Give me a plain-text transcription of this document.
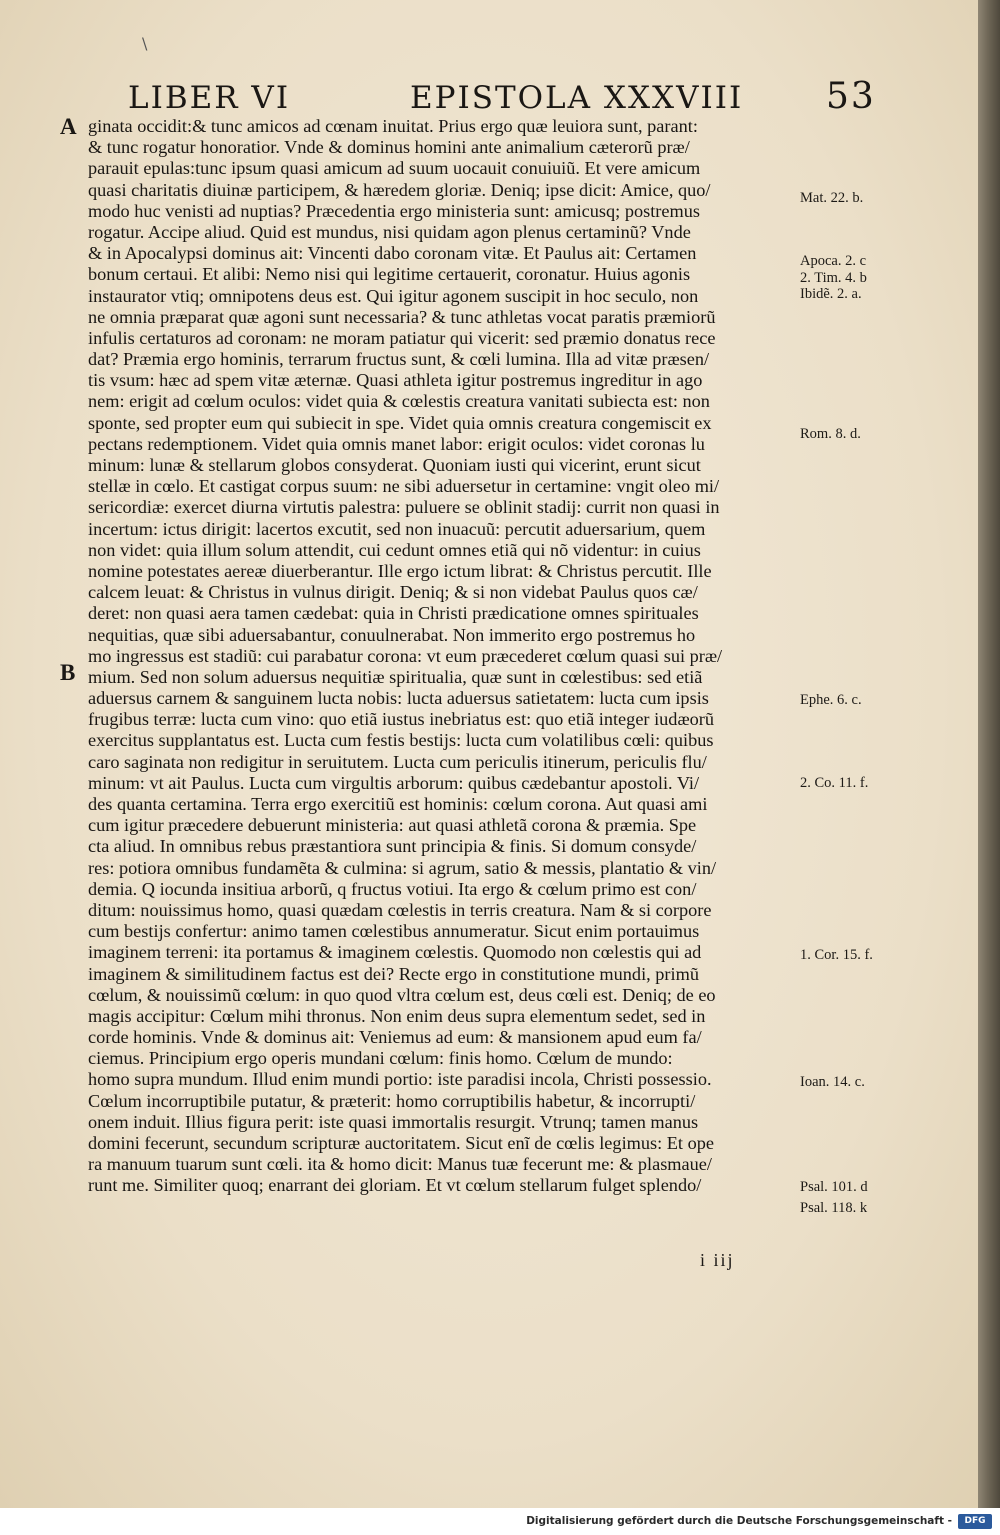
\
LIBER VI	EPISTOLA XXXVIII 53
A
B
ginata occidit:& tunc amicos ad cœnam inuitat. Prius ergo quæ leuiora sunt, parant:
& tunc rogatur honoratior. Vnde & dominus homini ante animalium cæterorũ præ/
parauit epulas:tunc ipsum quasi amicum ad suum uocauit conuiuiũ. Et vere amicum
quasi charitatis diuinæ participem, & hæredem gloriæ. Deniq; ipse dicit: Amice, quo/
modo huc venisti ad nuptias? Præcedentia ergo ministeria sunt: amicusq; postremus
rogatur. Accipe aliud. Quid est mundus, nisi quidam agon plenus certaminũ? Vnde
& in Apocalypsi dominus ait: Vincenti dabo coronam vitæ. Et Paulus ait: Certamen
bonum certaui. Et alibi: Nemo nisi qui legitime certauerit, coronatur. Huius agonis
instaurator vtiq; omnipotens deus est. Qui igitur agonem suscipit in hoc seculo, non
ne omnia præparat quæ agoni sunt necessaria? & tunc athletas vocat paratis præmiorũ
infulis certaturos ad coronam: ne moram patiatur qui vicerit: sed præmio donatus rece
dat? Præmia ergo hominis, terrarum fructus sunt, & cœli lumina. Illa ad vitæ præsen/
tis vsum: hæc ad spem vitæ æternæ. Quasi athleta igitur postremus ingreditur in ago
nem: erigit ad cœlum oculos: videt quia & cœlestis creatura vanitati subiecta est: non
sponte, sed propter eum qui subiecit in spe. Videt quia omnis creatura congemiscit ex
pectans redemptionem. Videt quia omnis manet labor: erigit oculos: videt coronas lu
minum: lunæ & stellarum globos consyderat. Quoniam iusti qui vicerint, erunt sicut
stellæ in cœlo. Et castigat corpus suum: ne sibi aduersetur in certamine: vngit oleo mi/
sericordiæ: exercet diurna virtutis palestra: puluere se oblinit stadij: currit non quasi in
incertum: ictus dirigit: lacertos excutit, sed non inuacuũ: percutit aduersarium, quem
non videt: quia illum solum attendit, cui cedunt omnes etiã qui nõ videntur: in cuius
nomine potestates aereæ diuerberantur. Ille ergo ictum librat: & Christus percutit. Ille
calcem leuat: & Christus in vulnus dirigit. Deniq; & si non videbat Paulus quos cæ/
deret: non quasi aera tamen cædebat: quia in Christi prædicatione omnes spirituales
nequitias, quæ sibi aduersabantur, conuulnerabat. Non immerito ergo postremus ho
mo ingressus est stadiũ: cui parabatur corona: vt eum præcederet cœlum quasi sui præ/
mium. Sed non solum aduersus nequitiæ spiritualia, quæ sunt in cœlestibus: sed etiã
aduersus carnem & sanguinem lucta nobis: lucta aduersus satietatem: lucta cum ipsis
frugibus terræ: lucta cum vino: quo etiã iustus inebriatus est: quo etiã integer iudæorũ
exercitus supplantatus est. Lucta cum festis bestijs: lucta cum volatilibus cœli: quibus
caro saginata non redigitur in seruitutem. Lucta cum periculis itinerum, periculis flu/
minum: vt ait Paulus. Lucta cum virgultis arborum: quibus cædebantur apostoli. Vi/
des quanta certamina. Terra ergo exercitiũ est hominis: cœlum corona. Aut quasi ami
cum igitur præcedere debuerunt ministeria: aut quasi athletã corona & præmia. Spe
cta aliud. In omnibus rebus præstantiora sunt principia & finis. Si domum consyde/
res: potiora omnibus fundamẽta & culmina: si agrum, satio & messis, plantatio & vin/
demia. Q iocunda insitiua arborũ, q fructus votiui. Ita ergo & cœlum primo est con/
ditum: nouissimus homo, quasi quædam cœlestis in terris creatura. Nam & si corpore
cum bestijs confertur: animo tamen cœlestibus annumeratur. Sicut enim portauimus
imaginem terreni: ita portamus & imaginem cœlestis. Quomodo non cœlestis qui ad
imaginem & similitudinem factus est dei? Recte ergo in constitutione mundi, primũ
cœlum, & nouissimũ cœlum: in quo quod vltra cœlum est, deus cœli est. Deniq; de eo
magis accipitur: Cœlum mihi thronus. Non enim deus supra elementum sedet, sed in
corde hominis. Vnde & dominus ait: Veniemus ad eum: & mansionem apud eum fa/
ciemus. Principium ergo operis mundani cœlum: finis homo. Cœlum de mundo:
homo supra mundum. Illud enim mundi portio: iste paradisi incola, Christi possessio.
Cœlum incorruptibile putatur, & præterit: homo corruptibilis habetur, & incorrupti/
onem induit. Illius figura perit: iste quasi immortalis resurgit. Vtrunq; tamen manus
domini fecerunt, secundum scripturæ auctoritatem. Sicut enĩ de cœlis legimus: Et ope
ra manuum tuarum sunt cœli. ita & homo dicit: Manus tuæ fecerunt me: & plasmaue/
runt me. Similiter quoq; enarrant dei gloriam. Et vt cœlum stellarum fulget splendo/
Mat. 22. b.
Apoca. 2. c
2. Tim. 4. b
Ibidẽ. 2. a.
Rom. 8. d.
Ephe. 6. c.
2. Co. 11. f.
1. Cor. 15. f.
Ioan. 14. c.
Psal. 101. d
Psal. 118. k
i iij
Digitalisierung gefördert durch die Deutsche Forschungsgemeinschaft -	DFG
